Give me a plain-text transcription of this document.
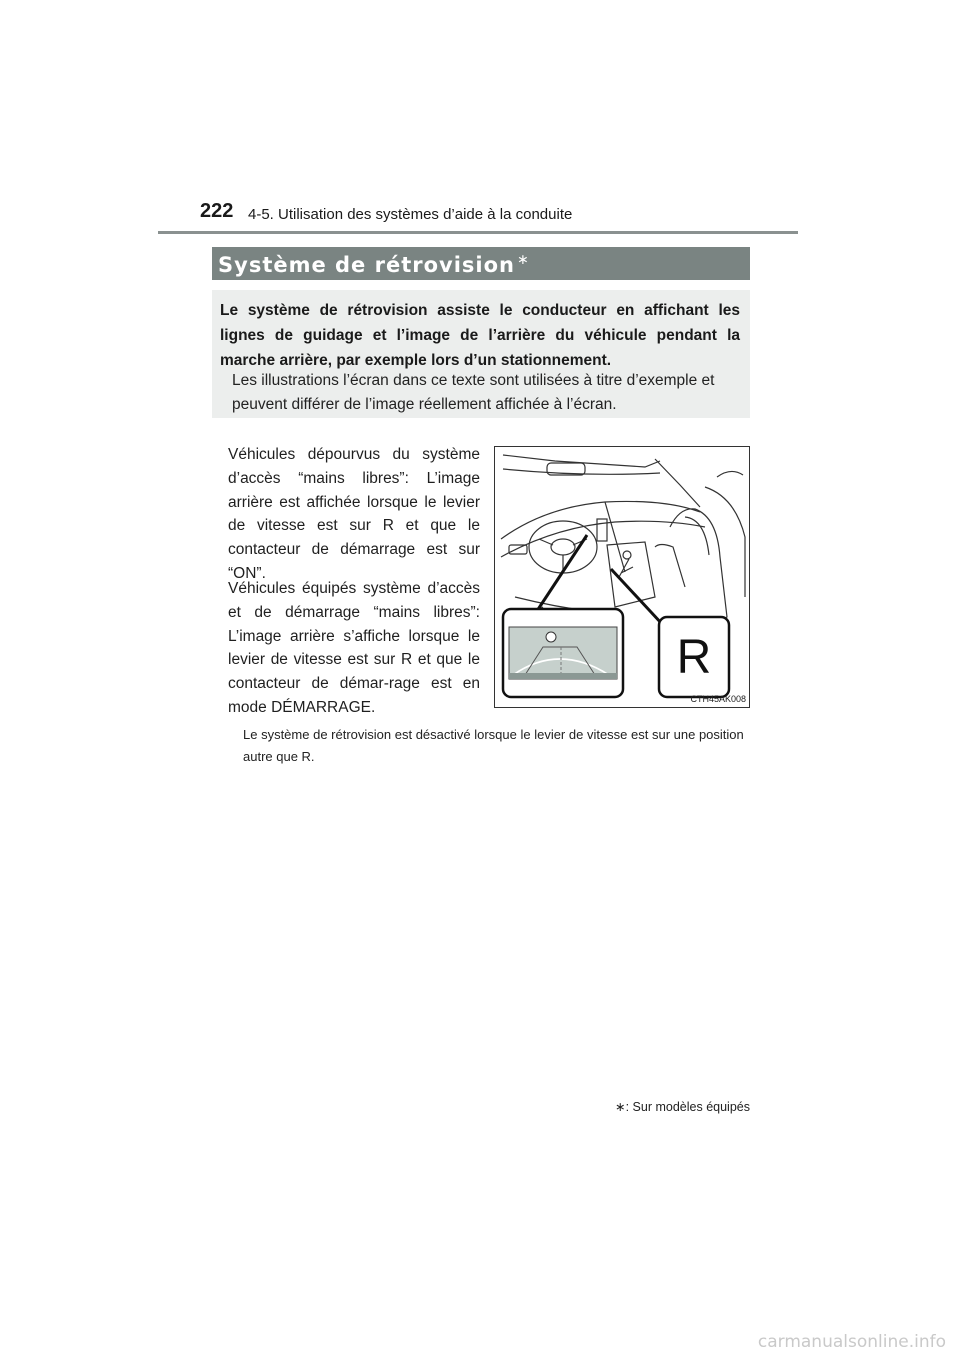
222 4-5. Utilisation des systèmes d’aide à la conduite
Système de rétrovision ∗
Le système de rétrovision assiste le conducteur en affichant les lignes de guidage et l’image de l’arrière du véhicule pendant la marche arrière, par exemple lors d’un stationnement.
Les illustrations l’écran dans ce texte sont utilisées à titre d’exemple et peuvent différer de l’image réellement affichée à l’écran.
Véhicules dépourvus du système d’accès “mains libres”: L’image arrière est affichée lorsque le levier de vitesse est sur R et que le contacteur de démarrage est sur “ON”.
Véhicules équipés système d’accès et de démarrage “mains libres”: L’image arrière s’affiche lorsque le levier de vitesse est sur R et que le contacteur de démar-rage est en mode DÉMARRAGE.
Le système de rétrovision est désactivé lorsque le levier de vitesse est sur une position autre que R.
R
CTH45AK008
∗: Sur modèles équipés
carmanualsonline.info
